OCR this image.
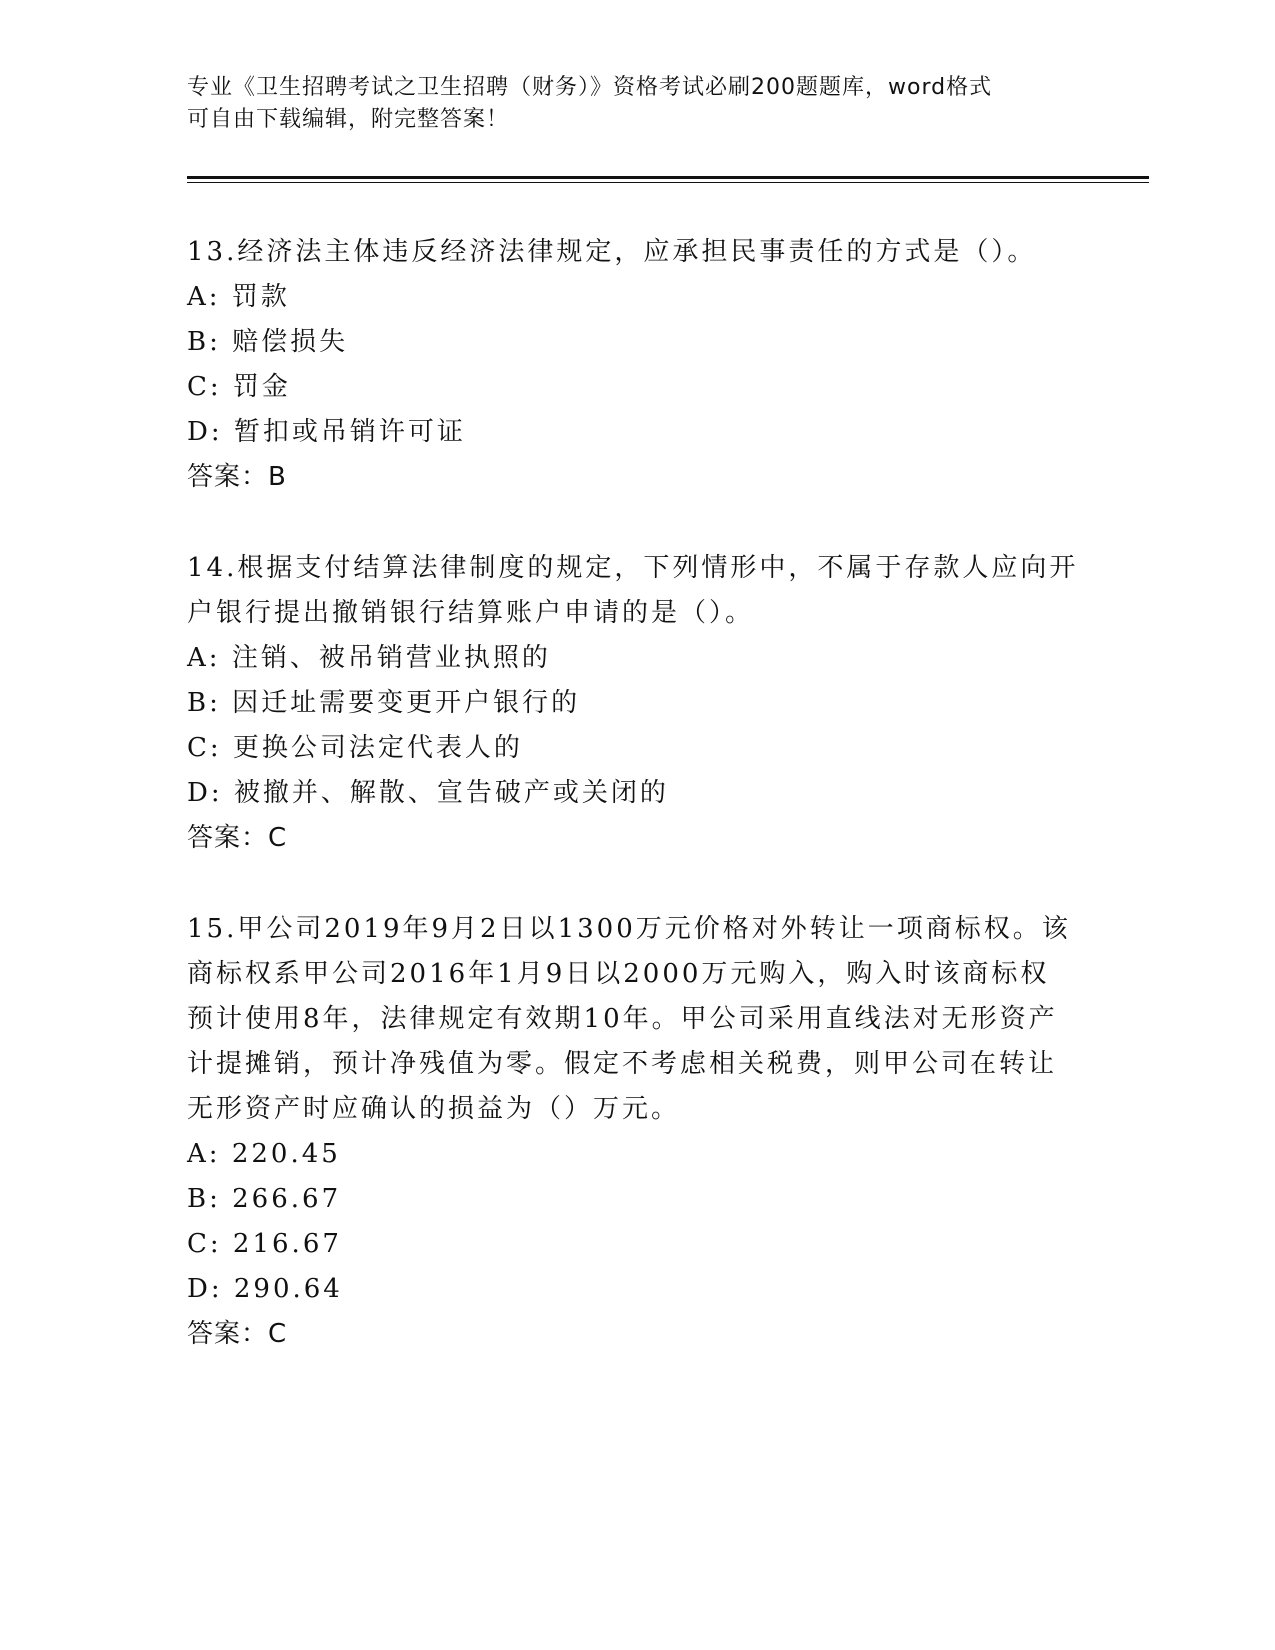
专业《卫生招聘考试之卫生招聘（财务）》资格考试必刷200题题库，word格式
可自由下载编辑，附完整答案！
13.经济法主体违反经济法律规定，应承担民事责任的方式是（）。
A: 罚款
B: 赔偿损失
C: 罚金
D: 暂扣或吊销许可证
答案：B
14.根据支付结算法律制度的规定，下列情形中，不属于存款人应向开
户银行提出撤销银行结算账户申请的是（）。
A: 注销、被吊销营业执照的
B: 因迁址需要变更开户银行的
C: 更换公司法定代表人的
D: 被撤并、解散、宣告破产或关闭的
答案：C
15.甲公司2019年9月2日以1300万元价格对外转让一项商标权。该
商标权系甲公司2016年1月9日以2000万元购入，购入时该商标权
预计使用8年，法律规定有效期10年。甲公司采用直线法对无形资产
计提摊销，预计净残值为零。假定不考虑相关税费，则甲公司在转让
无形资产时应确认的损益为（）万元。
A: 220.45
B: 266.67
C: 216.67
D: 290.64
答案：C
